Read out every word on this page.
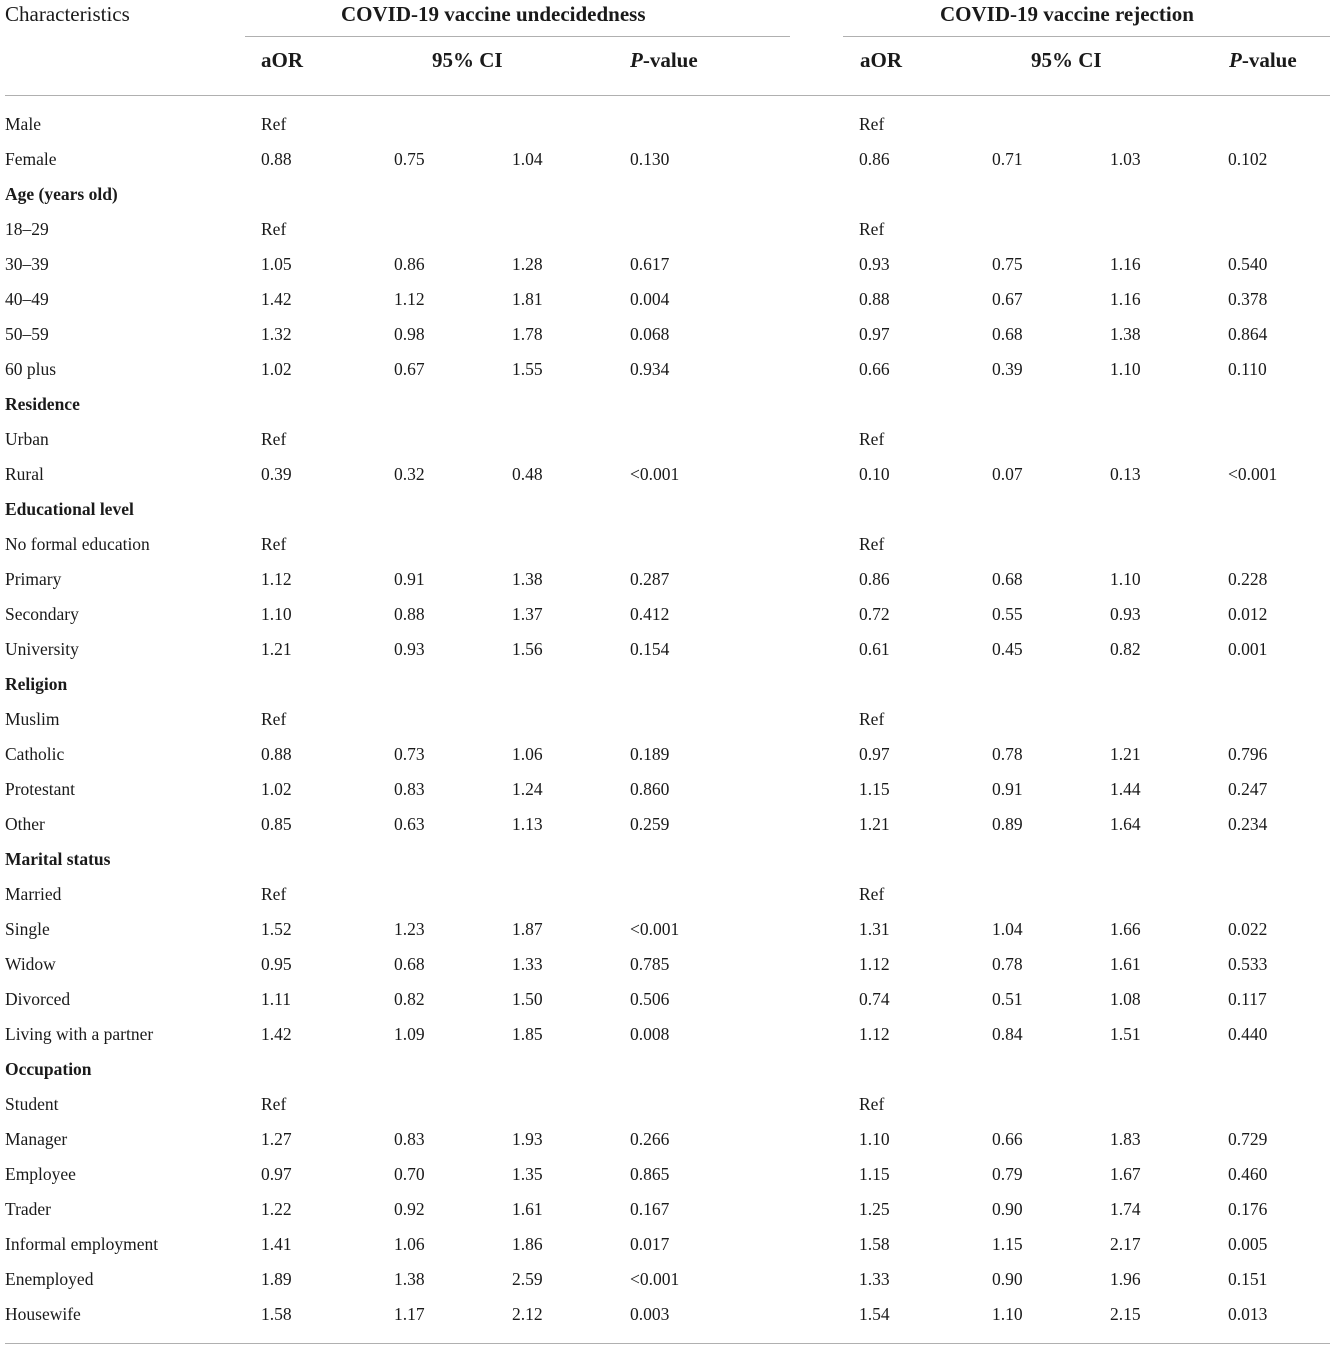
Characteristics	COVID-19 vaccine undecidedness	COVID-19 vaccine rejection
aOR	95% CI	P-value	aOR	95% CI	P-value
Male	Ref				Ref			
Female	0.88	0.75	1.04	0.130	0.86	0.71	1.03	0.102
Age (years old)								
18–29	Ref				Ref			
30–39	1.05	0.86	1.28	0.617	0.93	0.75	1.16	0.540
40–49	1.42	1.12	1.81	0.004	0.88	0.67	1.16	0.378
50–59	1.32	0.98	1.78	0.068	0.97	0.68	1.38	0.864
60 plus	1.02	0.67	1.55	0.934	0.66	0.39	1.10	0.110
Residence								
Urban	Ref				Ref			
Rural	0.39	0.32	0.48	<0.001	0.10	0.07	0.13	<0.001
Educational level								
No formal education	Ref				Ref			
Primary	1.12	0.91	1.38	0.287	0.86	0.68	1.10	0.228
Secondary	1.10	0.88	1.37	0.412	0.72	0.55	0.93	0.012
University	1.21	0.93	1.56	0.154	0.61	0.45	0.82	0.001
Religion								
Muslim	Ref				Ref			
Catholic	0.88	0.73	1.06	0.189	0.97	0.78	1.21	0.796
Protestant	1.02	0.83	1.24	0.860	1.15	0.91	1.44	0.247
Other	0.85	0.63	1.13	0.259	1.21	0.89	1.64	0.234
Marital status								
Married	Ref				Ref			
Single	1.52	1.23	1.87	<0.001	1.31	1.04	1.66	0.022
Widow	0.95	0.68	1.33	0.785	1.12	0.78	1.61	0.533
Divorced	1.11	0.82	1.50	0.506	0.74	0.51	1.08	0.117
Living with a partner	1.42	1.09	1.85	0.008	1.12	0.84	1.51	0.440
Occupation								
Student	Ref				Ref			
Manager	1.27	0.83	1.93	0.266	1.10	0.66	1.83	0.729
Employee	0.97	0.70	1.35	0.865	1.15	0.79	1.67	0.460
Trader	1.22	0.92	1.61	0.167	1.25	0.90	1.74	0.176
Informal employment	1.41	1.06	1.86	0.017	1.58	1.15	2.17	0.005
Enemployed	1.89	1.38	2.59	<0.001	1.33	0.90	1.96	0.151
Housewife	1.58	1.17	2.12	0.003	1.54	1.10	2.15	0.013
